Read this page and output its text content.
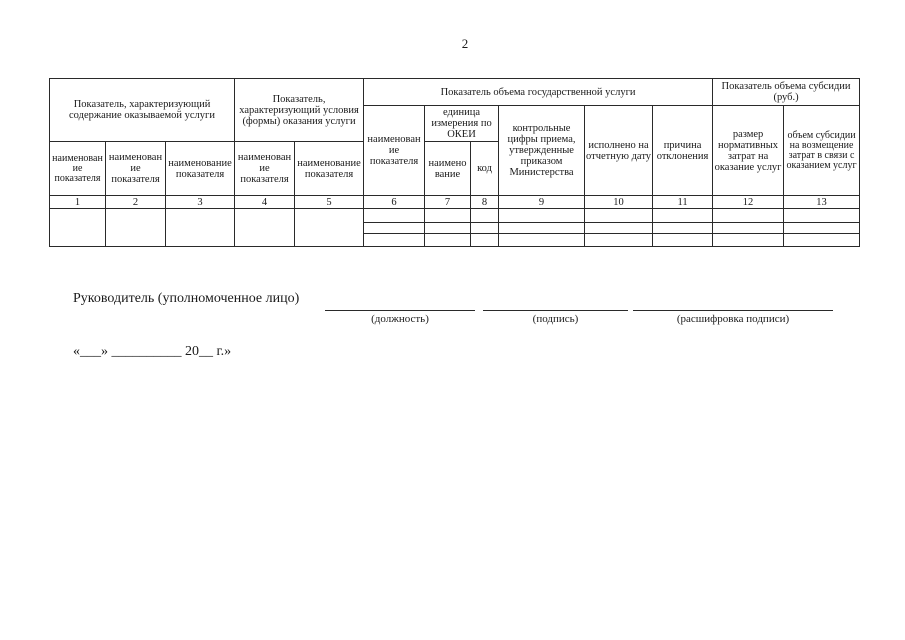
2
Показатель, характеризующий содержание оказываемой услуги			Показатель, характеризующий условия (формы) оказания услуги		Показатель объема государственной услуги						Показатель объема субсидии (руб.)	
					наименование показателя	единица измерения по ОКЕИ		контрольные цифры приема, утвержденные приказом Министерства	исполнено на отчетную дату	причина отклонения	размер нормативных затрат на оказание услуг	объем субсидии на возмещение затрат в связи с оказанием услуг
наименование показателя	наименование показателя	наименование показателя	наименование показателя	наименование показателя		наименование	код					
1	2	3	4	5	6	7	8	9	10	11	12	13

Руководитель (уполномоченное лицо)
(должность)	(подпись)	(расшифровка подписи)
«___» __________ 20__ г.»
